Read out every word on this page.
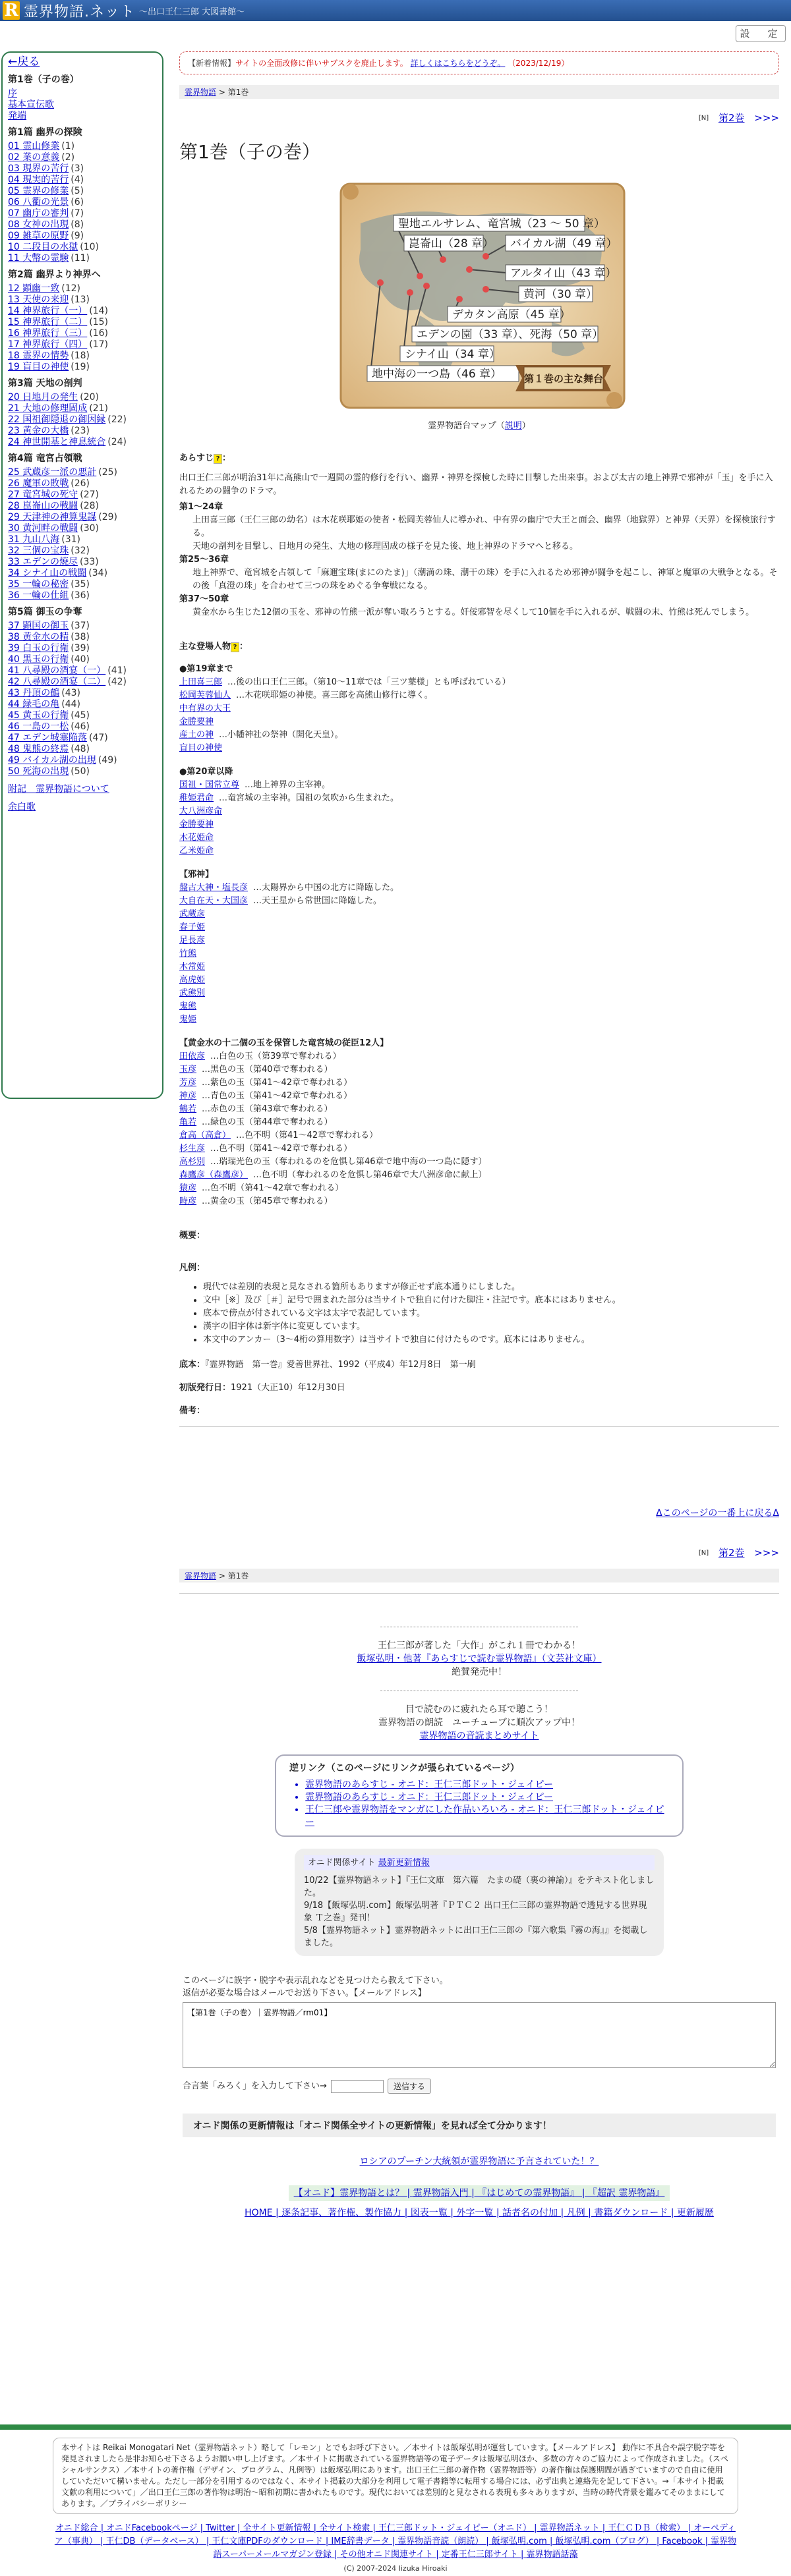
R 霊界物語.ネット ～出口王仁三郎 大図書館～
設　定
←戻る
第1巻（子の巻）
序
基本宣伝歌
発端
第1篇 幽界の探険
01 霊山修業 (1)
02 業の意義 (2)
03 現界の苦行 (3)
04 現実的苦行 (4)
05 霊界の修業 (5)
06 八衢の光景 (6)
07 幽庁の審判 (7)
08 女神の出現 (8)
09 雑草の原野 (9)
10 二段目の水獄 (10)
11 大幣の霊験 (11)
第2篇 幽界より神界へ
12 顕幽一致 (12)
13 天使の来迎 (13)
14 神界旅行（一） (14)
15 神界旅行（二） (15)
16 神界旅行（三） (16)
17 神界旅行（四） (17)
18 霊界の情勢 (18)
19 盲目の神使 (19)
第3篇 天地の剖判
20 日地月の発生 (20)
21 大地の修理固成 (21)
22 国祖御隠退の御因縁 (22)
23 黄金の大橋 (23)
24 神世開基と神息統合 (24)
第4篇 竜宮占領戦
25 武蔵彦一派の悪計 (25)
26 魔軍の敗戦 (26)
27 竜宮城の死守 (27)
28 崑崙山の戦闘 (28)
29 天津神の神算鬼謀 (29)
30 黄河畔の戦闘 (30)
31 九山八海 (31)
32 三個の宝珠 (32)
33 エデンの焼尽 (33)
34 シナイ山の戦闘 (34)
35 一輪の秘密 (35)
36 一輪の仕組 (36)
第5篇 御玉の争奪
37 顕国の御玉 (37)
38 黄金水の精 (38)
39 白玉の行衛 (39)
40 黒玉の行衛 (40)
41 八尋殿の酒宴（一） (41)
42 八尋殿の酒宴（二） (42)
43 丹頂の鶴 (43)
44 緑毛の亀 (44)
45 黄玉の行衛 (45)
46 一島の一松 (46)
47 エデン城塞陥落 (47)
48 鬼熊の終焉 (48)
49 バイカル湖の出現 (49)
50 死海の出現 (50)
附記　霊界物語について
余白歌
【新着情報】サイトの全面改修に伴いサブスクを廃止します。 詳しくはこちらをどうぞ。 （2023/12/19）
霊界物語 > 第1巻
[N] 第2巻 >>>
第1巻（子の巻）
聖地エルサレム、竜宮城（23 ～ 50 章）
崑崙山（28 章） バイカル湖（49 章）
アルタイ山（43 章）
黄河（30 章）
デカタン高原（45 章）
エデンの園（33 章）、死海（50 章）
シナイ山（34 章）
地中海の一つ島（46 章） 第１巻の主な舞台
霊界物語台マップ（説明）
あらすじ ? ：

出口王仁三郎が明治31年に高熊山で一週間の霊的修行を行い、幽界・神界を探検した時に目撃した出来事。および太古の地上神界で邪神が「玉」を手に入れるための闘争のドラマ。

第1～24章
上田喜三郎（王仁三郎の幼名）は木花咲耶姫の使者・松岡芙蓉仙人に導かれ、中有界の幽庁で大王と面会、幽界（地獄界）と神界（天界）を探検旅行する。
天地の剖判を目撃し、日地月の発生、大地の修理固成の様子を見た後、地上神界のドラマへと移る。
第25～36章
地上神界で、竜宮城を占領して「麻邇宝珠(まにのたま)」（潮満の珠、潮干の珠）を手に入れるため邪神が闘争を起こし、神軍と魔軍の大戦争となる。その後「真澄の珠」を合わせて三つの珠をめぐる争奪戦になる。
第37～50章
黄金水から生じた12個の玉を、邪神の竹熊一派が奪い取ろうとする。奸佞邪智を尽くして10個を手に入れるが、戦闘の末、竹熊は死んでしまう。
主な登場人物 ? ：
●第19章まで
上田喜三郎 …後の出口王仁三郎。（第10～11章では「三ツ葉様」とも呼ばれている）
松岡芙蓉仙人 …木花咲耶姫の神使。喜三郎を高熊山修行に導く。
中有界の大王
金勝要神
産土の神 …小幡神社の祭神（開化天皇）。
盲目の神使
●第20章以降
国祖・国常立尊 …地上神界の主宰神。
稚姫君命 …竜宮城の主宰神。国祖の気吹から生まれた。
大八洲彦命
金勝要神
木花姫命
乙米姫命
【邪神】
盤古大神・塩長彦 …太陽界から中国の北方に降臨した。
大自在天・大国彦 …天王星から常世国に降臨した。
武蔵彦
春子姫
足長彦
竹熊
木常姫
高虎姫
武熊別
鬼熊
鬼姫
【黄金水の十二個の玉を保管した竜宮城の従臣12人】
田依彦 …白色の玉（第39章で奪われる）
玉彦 …黒色の玉（第40章で奪われる）
芳彦 …紫色の玉（第41～42章で奪われる）
神彦 …青色の玉（第41～42章で奪われる）
鶴若 …赤色の玉（第43章で奪われる）
亀若 …緑色の玉（第44章で奪われる）
倉高（高倉） …色不明（第41～42章で奪われる）
杉生彦 …色不明（第41～42章で奪われる）
高杉別 …瑞瑞光色の玉（奪われるのを危惧し第46章で地中海の一つ島に隠す）
森鷹彦（森鷹彦） …色不明（奪われるのを危惧し第46章で大八洲彦命に献上）
猿彦 …色不明（第41～42章で奪われる）
時彦 …黄金の玉（第45章で奪われる）
概要：
凡例：
• 現代では差別的表現と見なされる箇所もありますが修正せず底本通りにしました。
• 文中［※］及び［＃］記号で囲まれた部分は当サイトで独自に付けた脚注・注記です。底本にはありません。
• 底本で傍点が付されている文字は太字で表記しています。
• 漢字の旧字体は新字体に変更しています。
• 本文中のアンカー（3～4桁の算用数字）は当サイトで独自に付けたものです。底本にはありません。
底本：『霊界物語　第一巻』愛善世界社、1992（平成4）年12月8日　第一刷
初版発行日：1921（大正10）年12月30日
備考：
Δこのページの一番上に戻るΔ
[N] 第2巻 >>>
霊界物語 > 第1巻
王仁三郎が著した「大作」がこれ１冊でわかる！
飯塚弘明・他著『あらすじで読む霊界物語』（文芸社文庫）
絶賛発売中！
目で読むのに疲れたら耳で聴こう！
霊界物語の朗読　ユーチューブに順次アップ中！
霊界物語の音読まとめサイト
逆リンク（このページにリンクが張られているページ）
• 霊界物語のあらすじ - オニド：王仁三郎ドット・ジェイピー
• 霊界物語のあらすじ - オニド：王仁三郎ドット・ジェイピー
• 王仁三郎や霊界物語をマンガにした作品いろいろ - オニド：王仁三郎ドット・ジェイピー
オニド関係サイト 最新更新情報
10/22【霊界物語ネット】『王仁文庫　第六篇　たまの礎（裏の神諭）』をテキスト化しました。
9/18【飯塚弘明.com】飯塚弘明著『ＰＴＣ２ 出口王仁三郎の霊界物語で透見する世界現象 Ｔ之巻』発刊！
5/8【霊界物語ネット】霊界物語ネットに出口王仁三郎の『第六歌集『霧の海』』を掲載しました。
このページに誤字・脱字や表示乱れなどを見つけたら教えて下さい。
返信が必要な場合はメールでお送り下さい。【メールアドレス】
【第1巻（子の巻）｜霊界物語／rm01】
合言葉「みろく」を入力して下さい→	送信する
オニド関係の更新情報は「オニド関係全サイトの更新情報」を見れば全て分かります！
ロシアのプーチン大統領が霊界物語に予言されていた！？
【オニド】霊界物語とは？ | 霊界物語入門 | 『はじめての霊界物語』 | 『超訳 霊界物語』
HOME | 逐条記事、著作権、製作協力 | 図表一覧 | 外字一覧 | 話者名の付加 | 凡例 | 書籍ダウンロード | 更新履歴
本サイトは Reikai Monogatari Net（霊界物語ネット）略して「レモン」とでもお呼び下さい。／本サイトは飯塚弘明が運営しています。【メールアドレス】 動作に不具合や誤字脱字等を発見されましたら是非お知らせ下さるようお願い申し上げます。／本サイトに掲載されている霊界物語等の電子データは飯塚弘明ほか、多数の方々のご協力によって作成されました。（スペシャルサンクス）／本サイトの著作権（デザイン、プログラム、凡例等）は飯塚弘明にあります。出口王仁三郎の著作物（霊界物語等）の著作権は保護期間が過ぎていますので自由に使用していただいて構いません。ただし一部分を引用するのではなく、本サイト掲載の大部分を利用して電子書籍等に転用する場合には、必ず出典と連絡先を記して下さい。→「本サイト掲載文献の利用について」／出口王仁三郎の著作物は明治～昭和初期に書かれたものです。現代においては差別的と見なされる表現も多々ありますが、当時の時代背景を鑑みてそのままにしてあります。／プライバシーポリシー
オニド総合 | オニドFacebookページ | Twitter | 全サイト更新情報 | 全サイト検索 | 王仁三郎ドット・ジェイピー（オニド） | 霊界物語ネット | 王仁ＣＤＢ（検索） | オーペディア（事典） | 王仁DB（データベース） | 王仁文庫PDFのダウンロード | IME辞書データ | 霊界物語音読（朗読） | 飯塚弘明.com | 飯塚弘明.com（ブログ） | Facebook | 霊界物語スーパーメールマガジン登録 | その他オニド関連サイト | 定番王仁三郎サイト | 霊界物語話藻
(C) 2007-2024 Iizuka Hiroaki
